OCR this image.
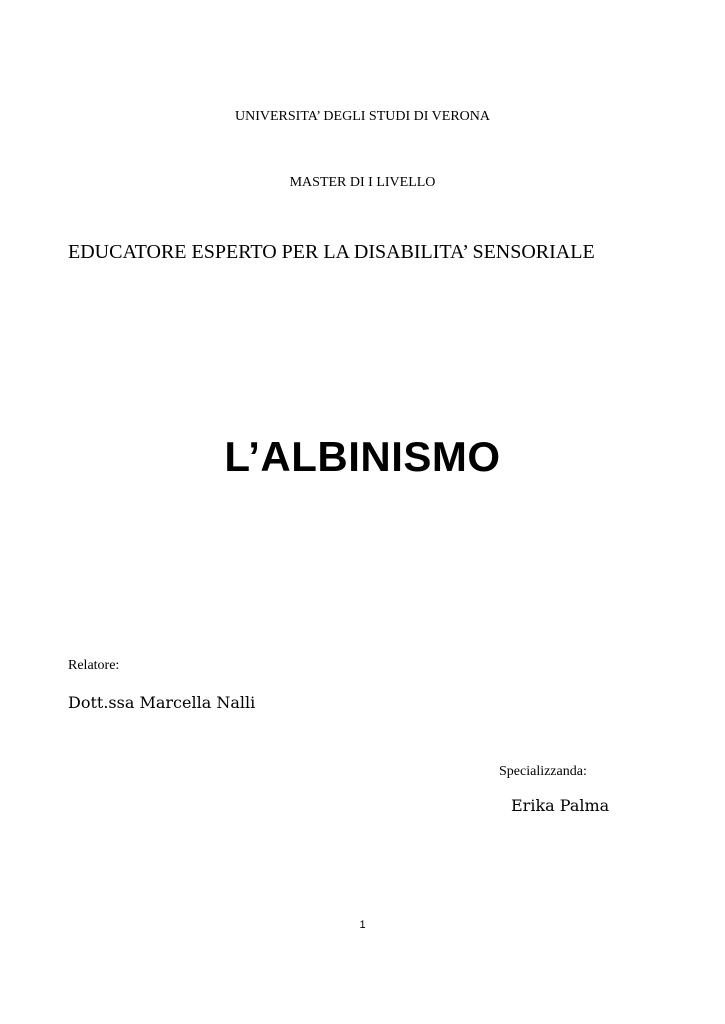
UNIVERSITA’ DEGLI STUDI DI VERONA

MASTER DI I LIVELLO

EDUCATORE ESPERTO PER LA DISABILITA’ SENSORIALE

L’ALBINISMO

Relatore:

Dott.ssa Marcella Nalli

Specializzanda:

Erika Palma

1
